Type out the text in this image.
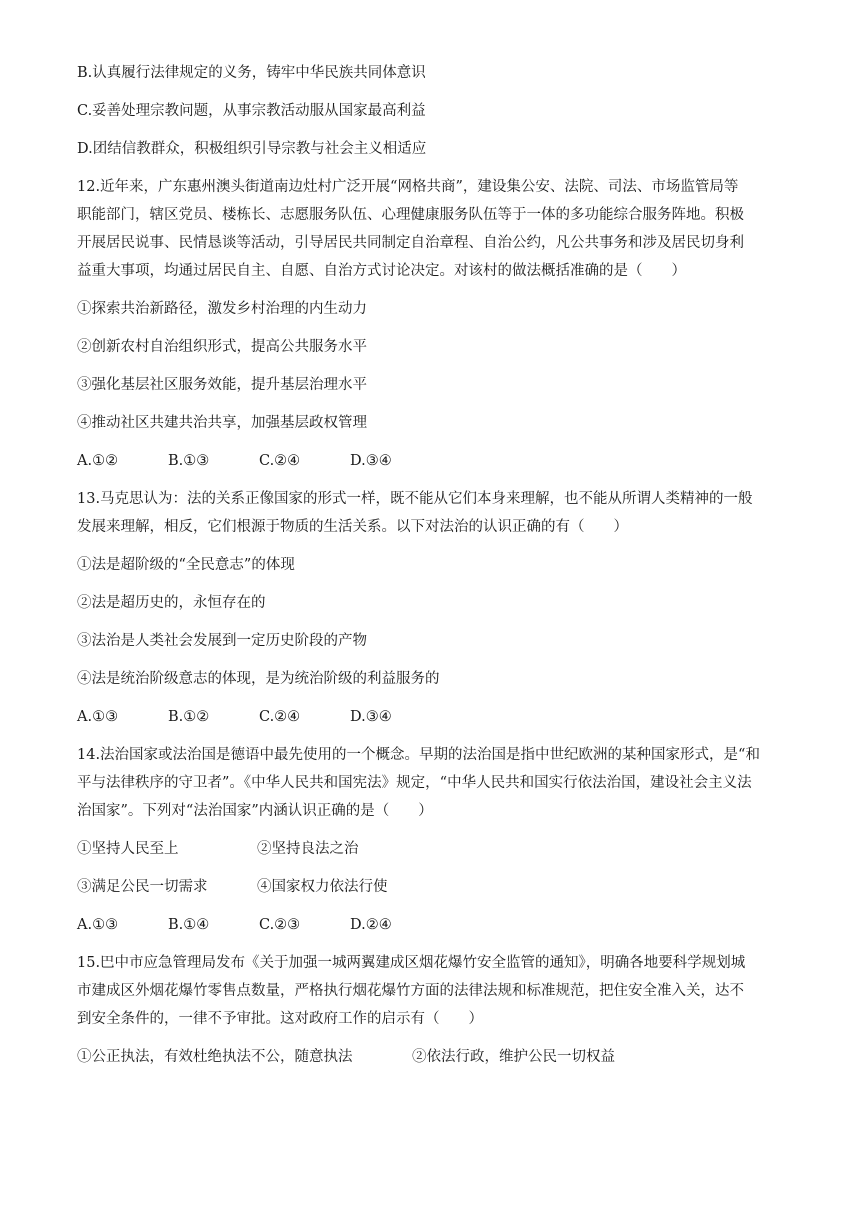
B.认真履行法律规定的义务，铸牢中华民族共同体意识
C.妥善处理宗教问题，从事宗教活动服从国家最高利益
D.团结信教群众，积极组织引导宗教与社会主义相适应
12.近年来，广东惠州澳头街道南边灶村广泛开展“网格共商”，建设集公安、法院、司法、市场监管局等
职能部门，辖区党员、楼栋长、志愿服务队伍、心理健康服务队伍等于一体的多功能综合服务阵地。积极
开展居民说事、民情恳谈等活动，引导居民共同制定自治章程、自治公约，凡公共事务和涉及居民切身利
益重大事项，均通过居民自主、自愿、自治方式讨论决定。对该村的做法概括准确的是（　　）
①探索共治新路径，激发乡村治理的内生动力
②创新农村自治组织形式，提高公共服务水平
③强化基层社区服务效能，提升基层治理水平
④推动社区共建共治共享，加强基层政权管理
A.①②	B.①③	C.②④	D.③④
13.马克思认为：法的关系正像国家的形式一样，既不能从它们本身来理解，也不能从所谓人类精神的一般
发展来理解，相反，它们根源于物质的生活关系。以下对法治的认识正确的有（　　）
①法是超阶级的“全民意志”的体现
②法是超历史的，永恒存在的
③法治是人类社会发展到一定历史阶段的产物
④法是统治阶级意志的体现，是为统治阶级的利益服务的
A.①③	B.①②	C.②④	D.③④
14.法治国家或法治国是德语中最先使用的一个概念。早期的法治国是指中世纪欧洲的某种国家形式，是“和
平与法律秩序的守卫者”。《中华人民共和国宪法》规定，“中华人民共和国实行依法治国，建设社会主义法
治国家”。下列对“法治国家”内涵认识正确的是（　　）
①坚持人民至上	②坚持良法之治
③满足公民一切需求	④国家权力依法行使
A.①③	B.①④	C.②③	D.②④
15.巴中市应急管理局发布《关于加强一城两翼建成区烟花爆竹安全监管的通知》，明确各地要科学规划城
市建成区外烟花爆竹零售点数量，严格执行烟花爆竹方面的法律法规和标准规范，把住安全准入关，达不
到安全条件的，一律不予审批。这对政府工作的启示有（　　）
①公正执法，有效杜绝执法不公，随意执法	②依法行政，维护公民一切权益
